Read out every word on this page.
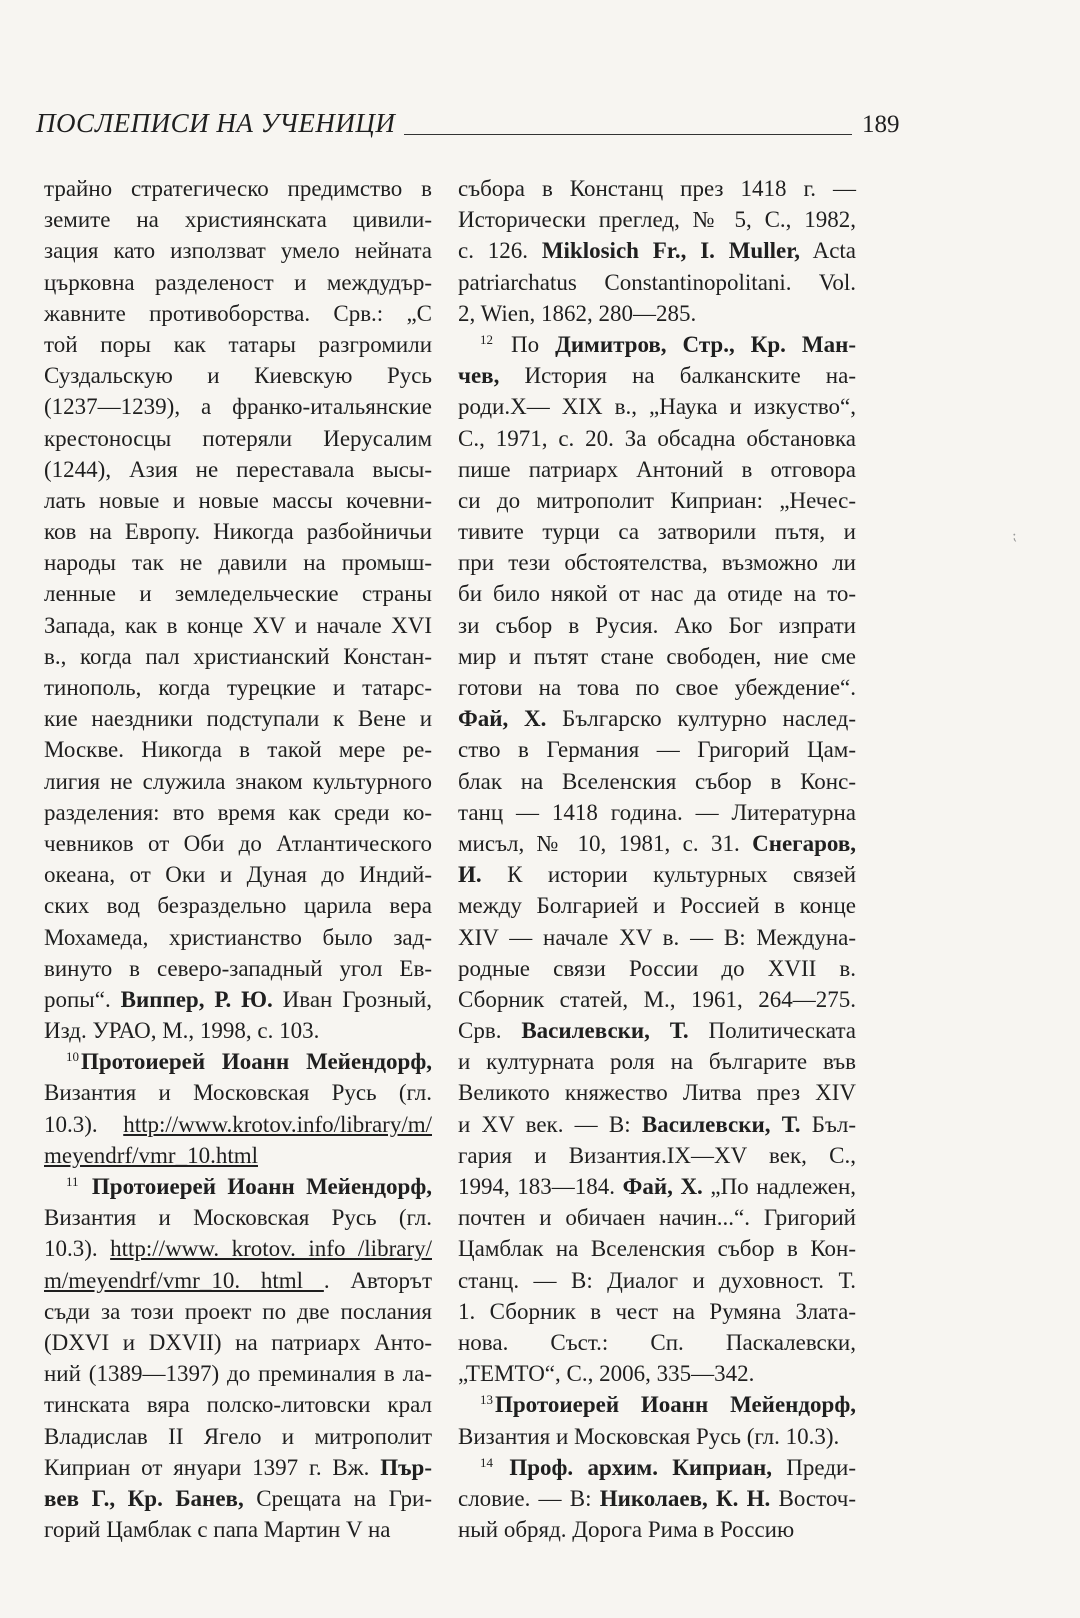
ПОСЛЕПИСИ НА УЧЕНИЦИ	189
трайно стратегическо предимство в
земите на християнската цивили-
зация като използват умело нейната
църковна разделеност и междудър-
жавните противоборства. Срв.: „С
той поры как татары разгромили
Суздальскую и Киевскую Русь
(1237—1239), а франко-итальянские
крестоносцы потеряли Иерусалим
(1244), Азия не переставала высы-
лать новые и новые массы кочевни-
ков на Европу. Никогда разбойничьи
народы так не давили на промыш-
ленные и земледельческие страны
Запада, как в конце XV и начале XVI
в., когда пал христианский Констан-
тинополь, когда турецкие и татарс-
кие наездники подступали к Вене и
Москве. Никогда в такой мере ре-
лигия не служила знаком культурного
разделения: вто время как среди ко-
чевников от Оби до Атлантического
океана, от Оки и Дуная до Индий-
ских вод безраздельно царила вера
Мохамеда, христианство было зад-
винуто в северо-западный угол Ев-
ропы“. Виппер, Р. Ю. Иван Грозный,
Изд. УРАО, М., 1998, с. 103.
$^{10}$Протоиерей Иоанн Мейендорф,
Византия и Московская Русь (гл.
10.3). http://www.krotov.info/library/m/
meyendrf/vmr_10.html
$^{11}$ Протоиерей Иоанн Мейендорф,
Византия и Московская Русь (гл.
10.3). http://www. krotov. info /library/
m/meyendrf/vmr_10. html . Авторът
съди за този проект по две послания
(DXVI и DXVII) на патриарх Анто-
ний (1389—1397) до преминалия в ла-
тинската вяра полско-литовски крал
Владислав II Ягело и митрополит
Киприан от януари 1397 г. Вж. Пър-
вев Г., Кр. Банев, Срещата на Гри-
горий Цамблак с папа Мартин V на
събора в Констанц през 1418 г. —
Исторически преглед, № 5, С., 1982,
с. 126. Miklosich Fr., I. Muller, Acta
patriarchatus Constantinopolitani. Vol.
2, Wien, 1862, 280—285.
$^{12}$ По Димитров, Стр., Кр. Ман-
чев, История на балканските на-
роди.Х— XIX в., „Наука и изкуство“,
С., 1971, с. 20. За обсадна обстановка
пише патриарх Антоний в отговора
си до митрополит Киприан: „Нечес-
тивите турци са затворили пътя, и
при тези обстоятелства, възможно ли
би било някой от нас да отиде на то-
зи събор в Русия. Ако Бог изпрати
мир и пътят стане свободен, ние сме
готови на това по свое убеждение“.
Фай, Х. Българско културно наслед-
ство в Германия — Григорий Цам-
блак на Вселенския събор в Конс-
танц — 1418 година. — Литературна
мисъл, № 10, 1981, с. 31. Снегаров,
И. К истории культурных связей
между Болгарией и Россией в конце
XIV — начале XV в. — В: Междуна-
родные связи России до XVII в.
Сборник статей, М., 1961, 264—275.
Срв. Василевски, Т. Политическата
и културната роля на българите във
Великото княжество Литва през XIV
и XV век. — В: Василевски, Т. Бъл-
гария и Византия.IX—XV век, С.,
1994, 183—184. Фай, Х. „По надлежен,
почтен и обичаен начин...“. Григорий
Цамблак на Вселенския събор в Кон-
станц. — В: Диалог и духовност. Т.
1. Сборник в чест на Румяна Злата-
нова. Съст.: Сп. Паскалевски,
„ТЕМТО“, С., 2006, 335—342.
$^{13}$Протоиерей Иоанн Мейендорф,
Византия и Московская Русь (гл. 10.3).
$^{14}$ Проф. архим. Киприан, Преди-
словие. — В: Николаев, К. Н. Восточ-
ный обряд. Дорога Рима в Россию
⁏
